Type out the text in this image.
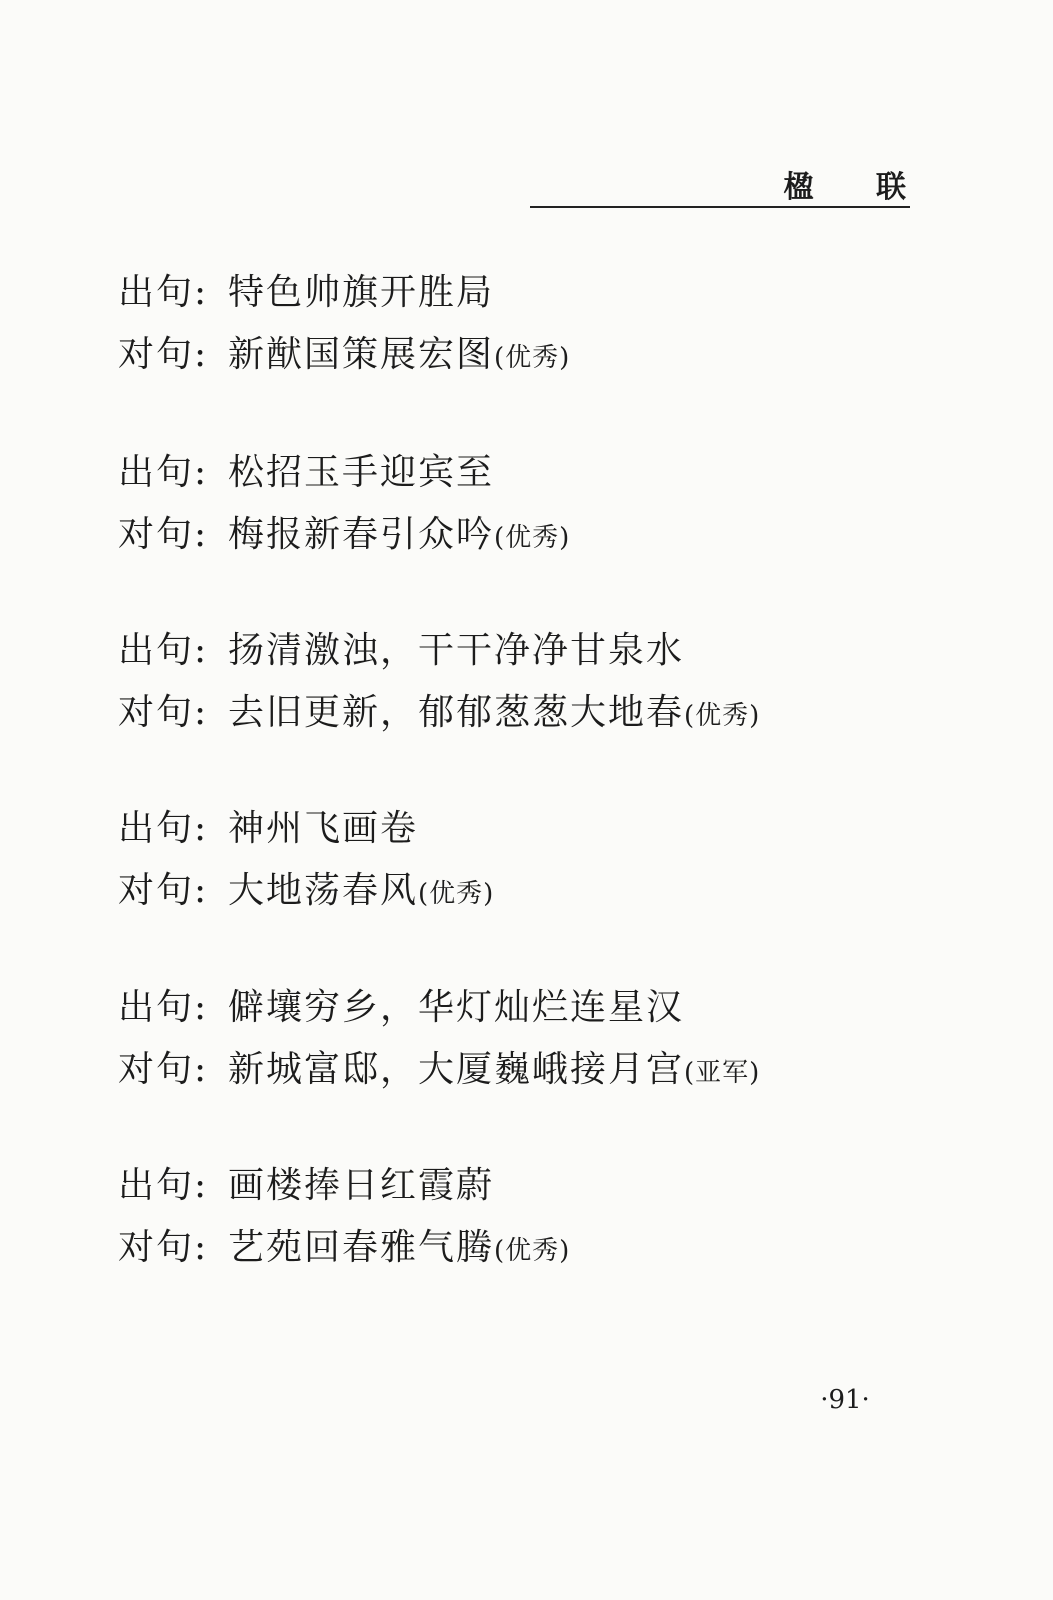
楹 联
出句: 特色帅旗开胜局
对句: 新猷国策展宏图(优秀)
出句: 松招玉手迎宾至
对句: 梅报新春引众吟(优秀)
出句: 扬清激浊，干干净净甘泉水
对句: 去旧更新，郁郁葱葱大地春(优秀)
出句: 神州飞画卷
对句: 大地荡春风(优秀)
出句: 僻壤穷乡，华灯灿烂连星汉
对句: 新城富邸，大厦巍峨接月宫(亚军)
出句: 画楼捧日红霞蔚
对句: 艺苑回春雅气腾(优秀)
·91·
